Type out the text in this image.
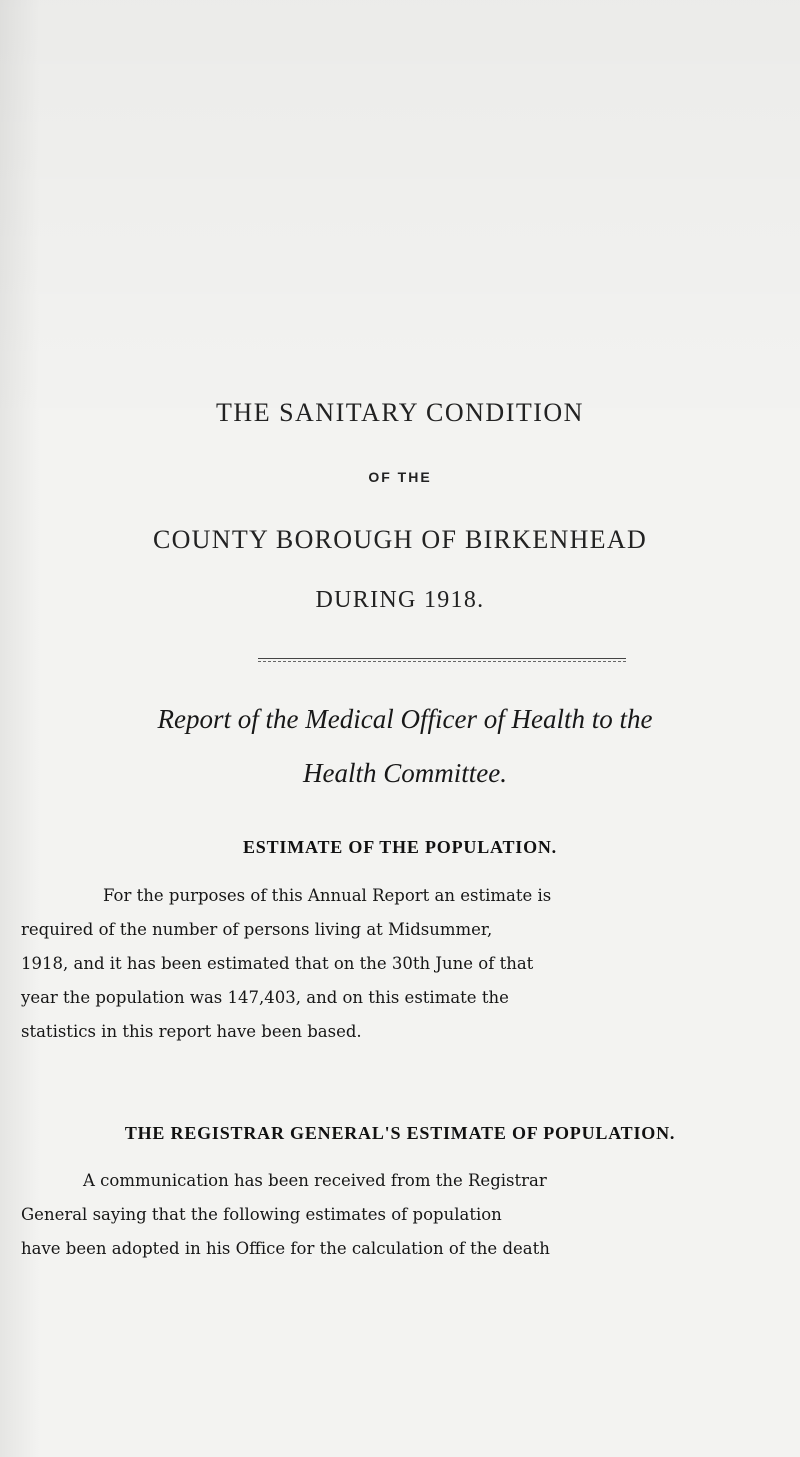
THE SANITARY CONDITION
OF THE
COUNTY BOROUGH OF BIRKENHEAD
DURING 1918.
Report of the Medical Officer of Health to the
Health Committee.
ESTIMATE OF THE POPULATION.
For the purposes of this Annual Report an estimate is
required of the number of persons living at Midsummer,
1918, and it has been estimated that on the 30th June of that
year the population was 147,403, and on this estimate the
statistics in this report have been based.
THE REGISTRAR GENERAL'S ESTIMATE OF POPULATION.
A communication has been received from the Registrar
General saying that the following estimates of population
have been adopted in his Office for the calculation of the death
